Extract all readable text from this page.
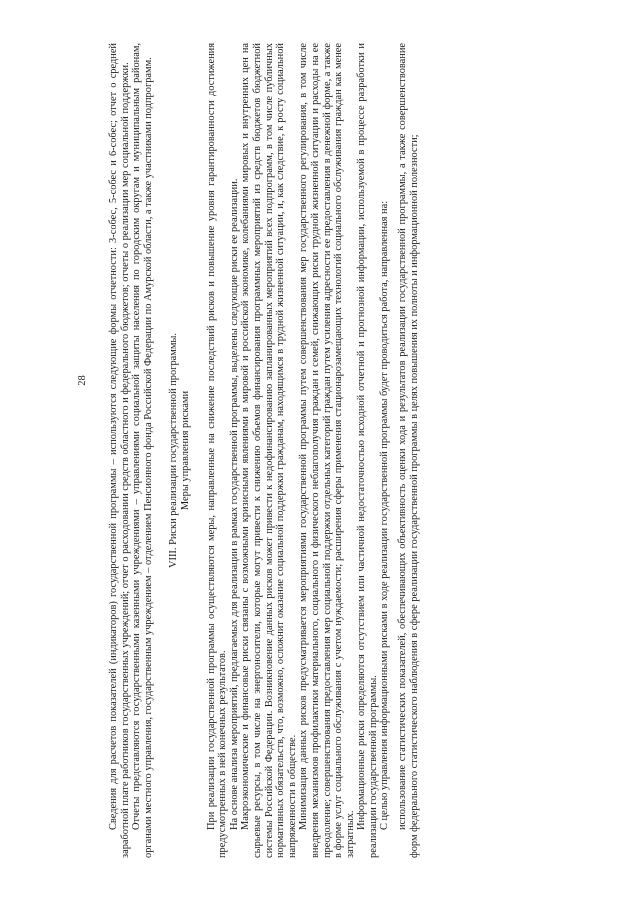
28 Сведения для расчетов показателей (индикаторов) государственной программы – используются следующие формы отчетности: 3-собес, 5-собес и 6-собес; отчет о средней заработной плате работников государственных учреждений; отчет о расходовании средств областного и федерального бюджетов; отчеты о реализации мер социальной поддержки. Отчеты представляются государственными казенными учреждениями – управлениями социальной защиты населения по городским округам и муниципальным районам, органами местного управления, государственным учреждением – отделением Пенсионного фонда Российской Федерации по Амурской области, а также участниками подпрограмм. VIII. Риски реализации государственной программы. Меры управления рисками При реализации государственной программы осуществляются меры, направленные на снижение последствий рисков и повышение уровня гарантированности достижения предусмотренных в ней конечных результатов. На основе анализа мероприятий, предлагаемых для реализации в рамках государственной программы, выделены следующие риски ее реализации. Макроэкономические и финансовые риски связаны с возможными кризисными явлениями в мировой и российской экономике, колебаниями мировых и внутренних цен на сырьевые ресурсы, в том числе на энергоносители, которые могут привести к снижению объемов финансирования программных мероприятий из средств бюджетов бюджетной системы Российской Федерации. Возникновение данных рисков может привести к недофинансированию запланированных мероприятий всех подпрограмм, в том числе публичных нормативных обязательств, что, возможно, осложнит оказание социальной поддержки гражданам, находящимся в трудной жизненной ситуации, и, как следствие, к росту социальной напряженности в обществе. Минимизация данных рисков предусматривается мероприятиями государственной программы путем совершенствования мер государственного регулирования, в том числе внедрения механизмов профилактики материального, социального и физического неблагополучия граждан и семей, снижающих риски трудной жизненной ситуации и расходы на ее преодоление; совершенствования предоставления мер социальной поддержки отдельных категорий граждан путем усиления адресности ее предоставления в денежной форме, а также в форме услуг социального обслуживания с учетом нуждаемости; расширения сферы применения стационарозамещающих технологий социального обслуживания граждан как менее затратных.

Информационные риски определяются отсутствием или частичной недостаточностью исходной отчетной и прогнозной информации, используемой в процессе разработки и реализации государственной программы. С целью управления информационными рисками в ходе реализации государственной программы будет проводиться работа, направленная на: использование статистических показателей, обеспечивающих объективность оценки хода и результатов реализации государственной программы, а также совершенствование форм федерального статистического наблюдения в сфере реализации государственной программы в целях повышения их полноты и информационной полезности;
